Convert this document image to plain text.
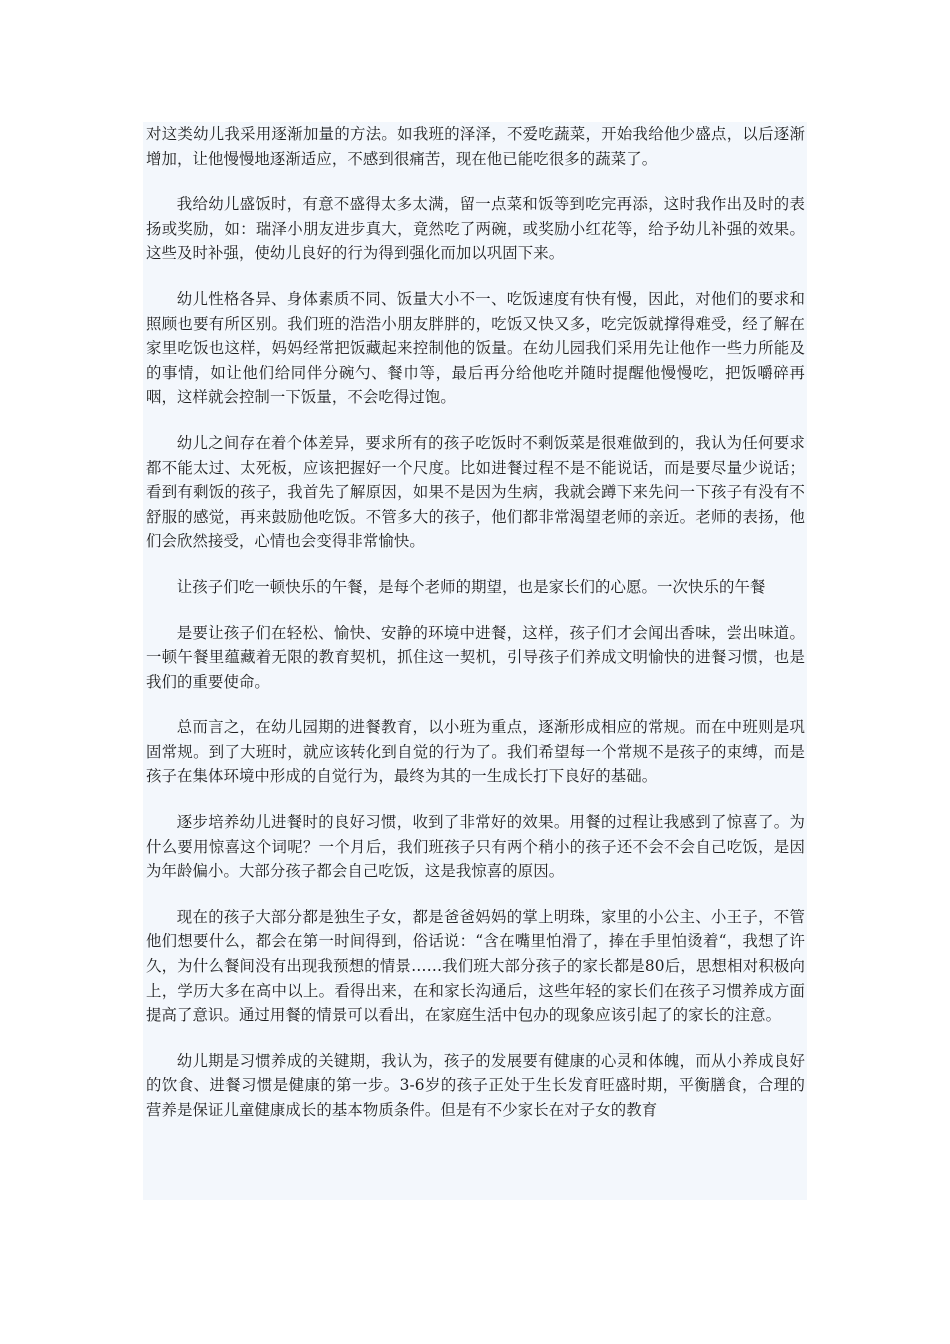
对这类幼儿我采用逐渐加量的方法。如我班的泽泽，不爱吃蔬菜，开始我给他少盛点，以后逐渐增加，让他慢慢地逐渐适应，不感到很痛苦，现在他已能吃很多的蔬菜了。

我给幼儿盛饭时，有意不盛得太多太满，留一点菜和饭等到吃完再添，这时我作出及时的表扬或奖励，如：瑞泽小朋友进步真大，竟然吃了两碗，或奖励小红花等，给予幼儿补强的效果。这些及时补强，使幼儿良好的行为得到强化而加以巩固下来。

幼儿性格各异、身体素质不同、饭量大小不一、吃饭速度有快有慢，因此，对他们的要求和照顾也要有所区别。我们班的浩浩小朋友胖胖的，吃饭又快又多，吃完饭就撑得难受，经了解在家里吃饭也这样，妈妈经常把饭藏起来控制他的饭量。在幼儿园我们采用先让他作一些力所能及的事情，如让他们给同伴分碗勺、餐巾等，最后再分给他吃并随时提醒他慢慢吃，把饭嚼碎再咽，这样就会控制一下饭量，不会吃得过饱。

幼儿之间存在着个体差异，要求所有的孩子吃饭时不剩饭菜是很难做到的，我认为任何要求都不能太过、太死板，应该把握好一个尺度。比如进餐过程不是不能说话，而是要尽量少说话；看到有剩饭的孩子，我首先了解原因，如果不是因为生病，我就会蹲下来先问一下孩子有没有不舒服的感觉，再来鼓励他吃饭。不管多大的孩子，他们都非常渴望老师的亲近。老师的表扬，他们会欣然接受，心情也会变得非常愉快。

让孩子们吃一顿快乐的午餐，是每个老师的期望，也是家长们的心愿。一次快乐的午餐

是要让孩子们在轻松、愉快、安静的环境中进餐，这样，孩子们才会闻出香味，尝出味道。一顿午餐里蕴藏着无限的教育契机，抓住这一契机，引导孩子们养成文明愉快的进餐习惯，也是我们的重要使命。

总而言之，在幼儿园期的进餐教育，以小班为重点，逐渐形成相应的常规。而在中班则是巩固常规。到了大班时，就应该转化到自觉的行为了。我们希望每一个常规不是孩子的束缚，而是孩子在集体环境中形成的自觉行为，最终为其的一生成长打下良好的基础。

逐步培养幼儿进餐时的良好习惯，收到了非常好的效果。用餐的过程让我感到了惊喜了。为什么要用惊喜这个词呢？一个月后，我们班孩子只有两个稍小的孩子还不会不会自己吃饭，是因为年龄偏小。大部分孩子都会自己吃饭，这是我惊喜的原因。

现在的孩子大部分都是独生子女，都是爸爸妈妈的掌上明珠，家里的小公主、小王子，不管他们想要什么，都会在第一时间得到，俗话说：“含在嘴里怕滑了，捧在手里怕烫着“，我想了许久，为什么餐间没有出现我预想的情景……我们班大部分孩子的家长都是80后，思想相对积极向上，学历大多在高中以上。看得出来，在和家长沟通后，这些年轻的家长们在孩子习惯养成方面提高了意识。通过用餐的情景可以看出，在家庭生活中包办的现象应该引起了的家长的注意。

幼儿期是习惯养成的关键期，我认为，孩子的发展要有健康的心灵和体魄，而从小养成良好的饮食、进餐习惯是健康的第一步。3-6岁的孩子正处于生长发育旺盛时期，平衡膳食，合理的营养是保证儿童健康成长的基本物质条件。但是有不少家长在对子女的教育
